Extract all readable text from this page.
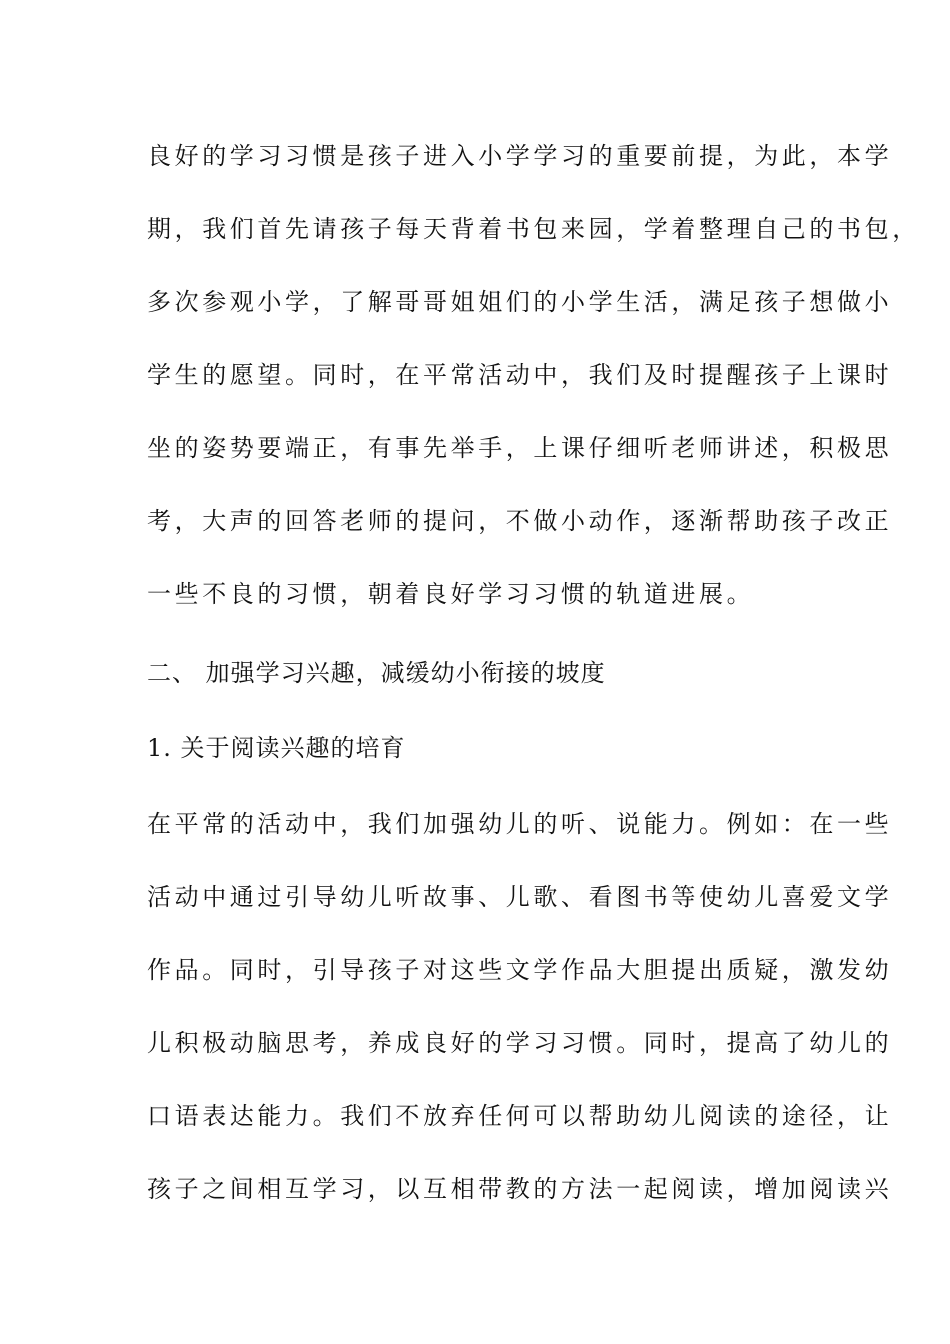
良好的学习习惯是孩子进入小学学习的重要前提，为此，本学
期，我们首先请孩子每天背着书包来园，学着整理自己的书包，
多次参观小学，了解哥哥姐姐们的小学生活，满足孩子想做小
学生的愿望。同时，在平常活动中，我们及时提醒孩子上课时
坐的姿势要端正，有事先举手，上课仔细听老师讲述，积极思
考，大声的回答老师的提问，不做小动作，逐渐帮助孩子改正
一些不良的习惯，朝着良好学习习惯的轨道进展。
二、 加强学习兴趣，减缓幼小衔接的坡度
1. 关于阅读兴趣的培育
在平常的活动中，我们加强幼儿的听、说能力。例如：在一些
活动中通过引导幼儿听故事、儿歌、看图书等使幼儿喜爱文学
作品。同时，引导孩子对这些文学作品大胆提出质疑，激发幼
儿积极动脑思考，养成良好的学习习惯。同时，提高了幼儿的
口语表达能力。我们不放弃任何可以帮助幼儿阅读的途径，让
孩子之间相互学习，以互相带教的方法一起阅读，增加阅读兴
